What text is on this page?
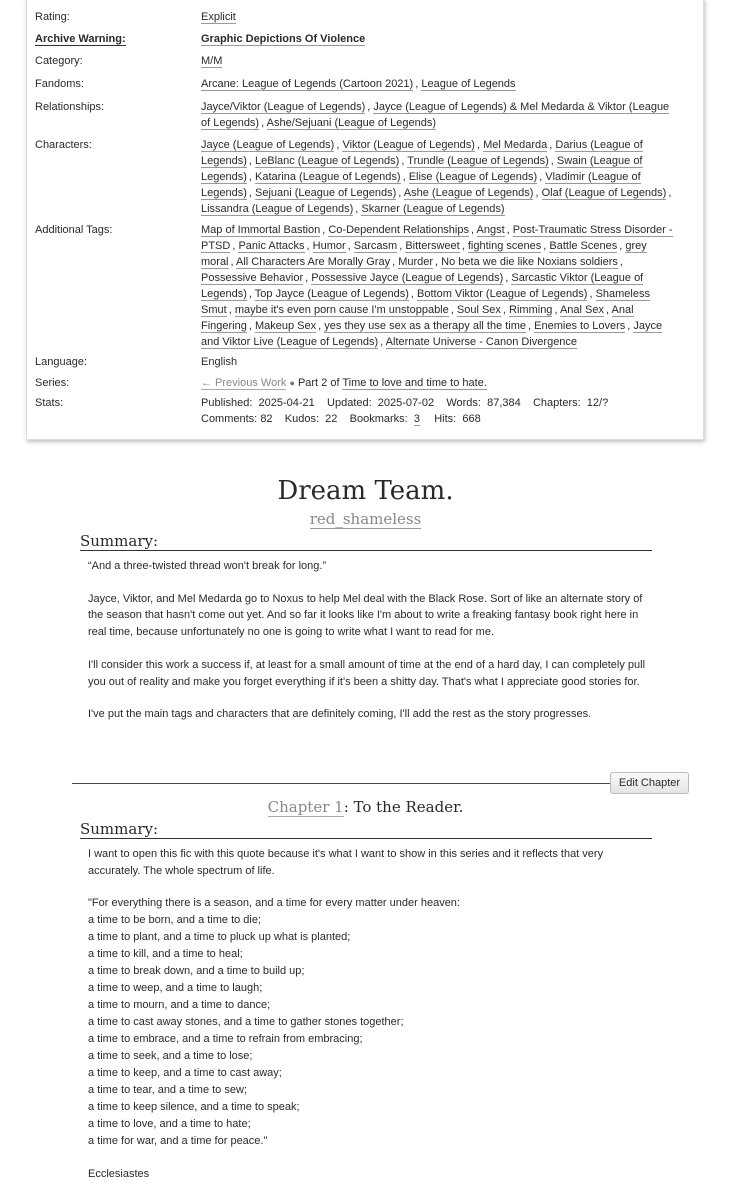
Rating:	Explicit
Archive Warning:	Graphic Depictions Of Violence
Category:	M/M
Fandoms:	Arcane: League of Legends (Cartoon 2021) , League of Legends
Relationships:	Jayce/Viktor (League of Legends) , Jayce (League of Legends) & Mel Medarda & Viktor (League of Legends) , Ashe/Sejuani (League of Legends)
Characters:	Jayce (League of Legends) , Viktor (League of Legends) , Mel Medarda , Darius (League of Legends) , LeBlanc (League of Legends) , Trundle (League of Legends) , Swain (League of Legends) , Katarina (League of Legends) , Elise (League of Legends) , Vladimir (League of Legends) , Sejuani (League of Legends) , Ashe (League of Legends) , Olaf (League of Legends) , Lissandra (League of Legends) , Skarner (League of Legends)
Additional Tags:	Map of Immortal Bastion , Co-Dependent Relationships , Angst , Post-Traumatic Stress Disorder - PTSD , Panic Attacks , Humor , Sarcasm , Bittersweet , fighting scenes , Battle Scenes , grey moral , All Characters Are Morally Gray , Murder , No beta we die like Noxians soldiers , Possessive Behavior , Possessive Jayce (League of Legends) , Sarcastic Viktor (League of Legends) , Top Jayce (League of Legends) , Bottom Viktor (League of Legends) , Shameless Smut , maybe it's even porn cause I'm unstoppable , Soul Sex , Rimming , Anal Sex , Anal Fingering , Makeup Sex , yes they use sex as a therapy all the time , Enemies to Lovers , Jayce and Viktor Live (League of Legends) , Alternate Universe - Canon Divergence
Language:	English
Series:	← Previous Work ● Part 2 of Time to love and time to hate.
Stats:	Published: 2025-04-21 Updated: 2025-07-02 Words: 87,384 Chapters: 12/?    Comments: 82 Kudos: 22 Bookmarks: 3 Hits: 668
Dream Team.
red_shameless
Summary:

“And a three-twisted thread won't break for long.”

Jayce, Viktor, and Mel Medarda go to Noxus to help Mel deal with the Black Rose. Sort of like an alternate story of the season that hasn't come out yet. And so far it looks like I'm about to write a freaking fantasy book right here in real time, because unfortunately no one is going to write what I want to read for me.

I'll consider this work a success if, at least for a small amount of time at the end of a hard day, I can completely pull you out of reality and make you forget everything if it's been a shitty day. That's what I appreciate good stories for.

I've put the main tags and characters that are definitely coming, I'll add the rest as the story progresses.

Edit Chapter
Chapter 1: To the Reader.
Summary:

I want to open this fic with this quote because it's what I want to show in this series and it reflects that very accurately. The whole spectrum of life.

"For everything there is a season, and a time for every matter under heaven:
a time to be born, and a time to die;
a time to plant, and a time to pluck up what is planted;
a time to kill, and a time to heal;
a time to break down, and a time to build up;
a time to weep, and a time to laugh;
a time to mourn, and a time to dance;
a time to cast away stones, and a time to gather stones together;
a time to embrace, and a time to refrain from embracing;
a time to seek, and a time to lose;
a time to keep, and a time to cast away;
a time to tear, and a time to sew;
a time to keep silence, and a time to speak;
a time to love, and a time to hate;
a time for war, and a time for peace."

Ecclesiastes
